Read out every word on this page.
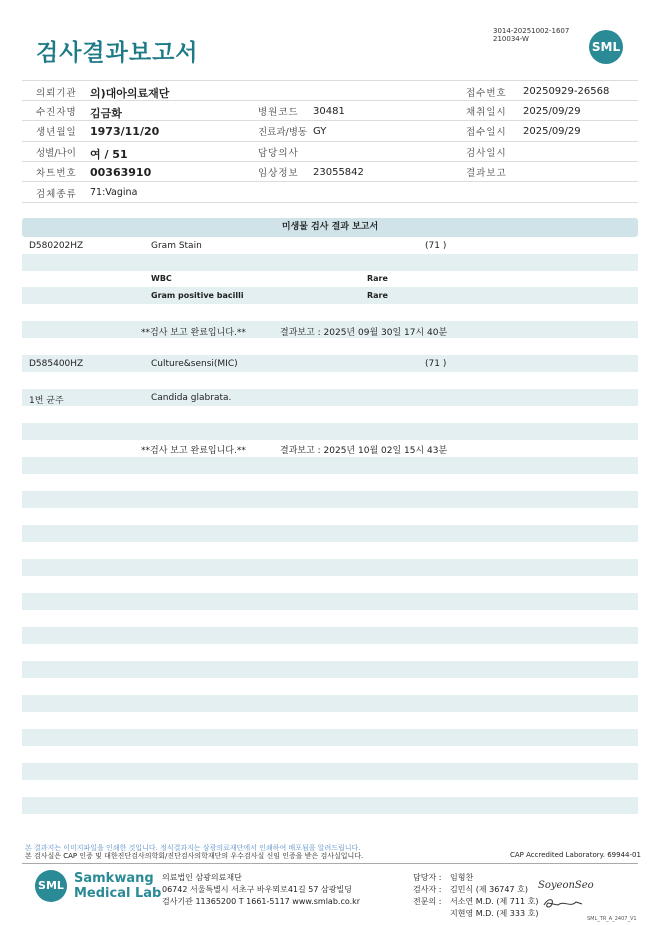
검사결과보고서
3014-20251002-1607
210034-W
SML
의뢰기관 의)대아의료재단	접수번호 20250929-26568
수진자명 김금화	병원코드 30481	채취일시 2025/09/29
생년월일 1973/11/20	진료과/병동 GY	접수일시 2025/09/29
성별/나이 여 / 51	담당의사	검사일시
차트번호 00363910	임상정보 23055842	결과보고
검체종류 71:Vagina
미생물 검사 결과 보고서
D580202HZ	Gram Stain	(71 )
WBC	Rare
Gram positive bacilli	Rare
**검사 보고 완료입니다.**	결과보고 : 2025년 09월 30일 17시 40분
D585400HZ	Culture&sensi(MIC)	(71 )
1번 균주	Candida glabrata.
**검사 보고 완료입니다.**	결과보고 : 2025년 10월 02일 15시 43분
본 결과지는 이미지파일을 인쇄한 것입니다. 정식결과지는 삼광의료재단에서 인쇄하여 배포됨을 알려드립니다.
본 검사실은 CAP 인증 및 대한진단검사의학회/진단검사의학재단의 우수검사실 신임 인증을 받은 검사실입니다.	CAP Accredited Laboratory. 69944-01
SML Samkwang
Medical Lab
의료법인 삼광의료재단
06742 서울특별시 서초구 바우뫼로41길 57 삼광빌딩
검사기관 11365200 T 1661-5117 www.smlab.co.kr
담당자 : 임형찬
검사자 : 김민식 (제 36747 호)
전문의 : 서소연 M.D. (제 711 호)
지현영 M.D. (제 333 호)
SoyeonSeo
SML_TR_A_2407_V1
